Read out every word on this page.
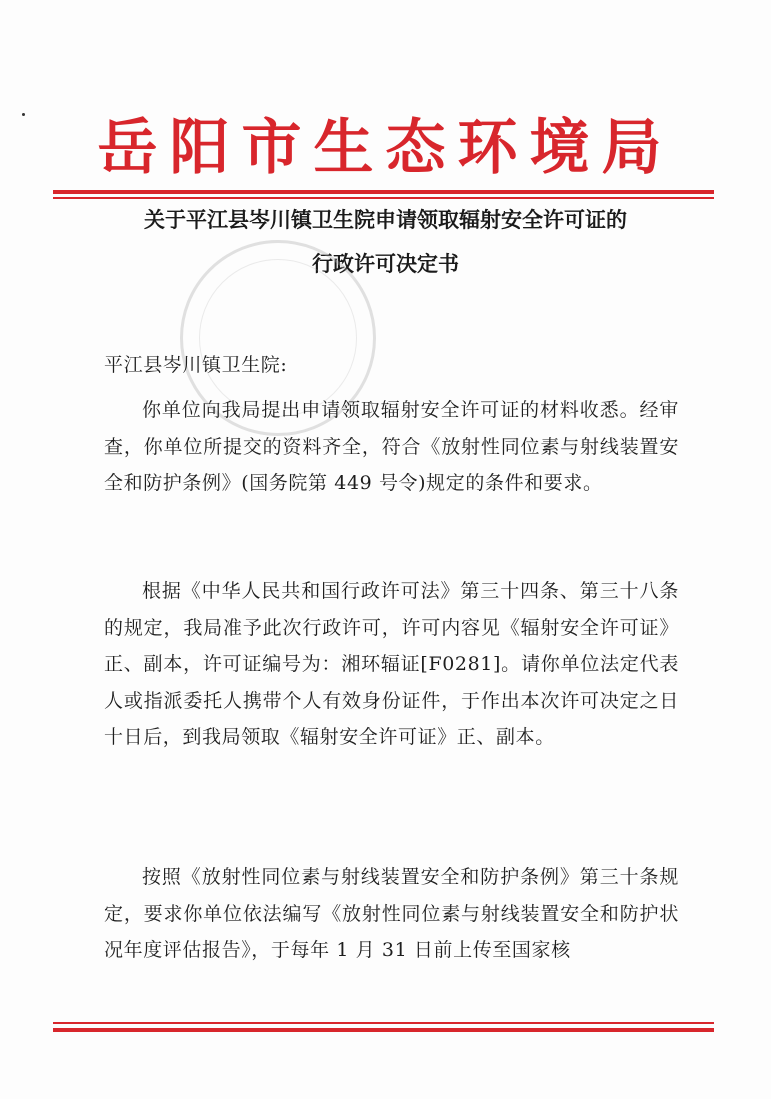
岳阳市生态环境局
关于平江县岑川镇卫生院申请领取辐射安全许可证的
行政许可决定书
平江县岑川镇卫生院:
你单位向我局提出申请领取辐射安全许可证的材料收悉。经审查，你单位所提交的资料齐全，符合《放射性同位素与射线装置安全和防护条例》(国务院第 449 号令)规定的条件和要求。
根据《中华人民共和国行政许可法》第三十四条、第三十八条的规定，我局准予此次行政许可，许可内容见《辐射安全许可证》正、副本，许可证编号为：湘环辐证[F0281]。请你单位法定代表人或指派委托人携带个人有效身份证件，于作出本次许可决定之日十日后，到我局领取《辐射安全许可证》正、副本。
按照《放射性同位素与射线装置安全和防护条例》第三十条规定，要求你单位依法编写《放射性同位素与射线装置安全和防护状况年度评估报告》，于每年 1 月 31 日前上传至国家核
